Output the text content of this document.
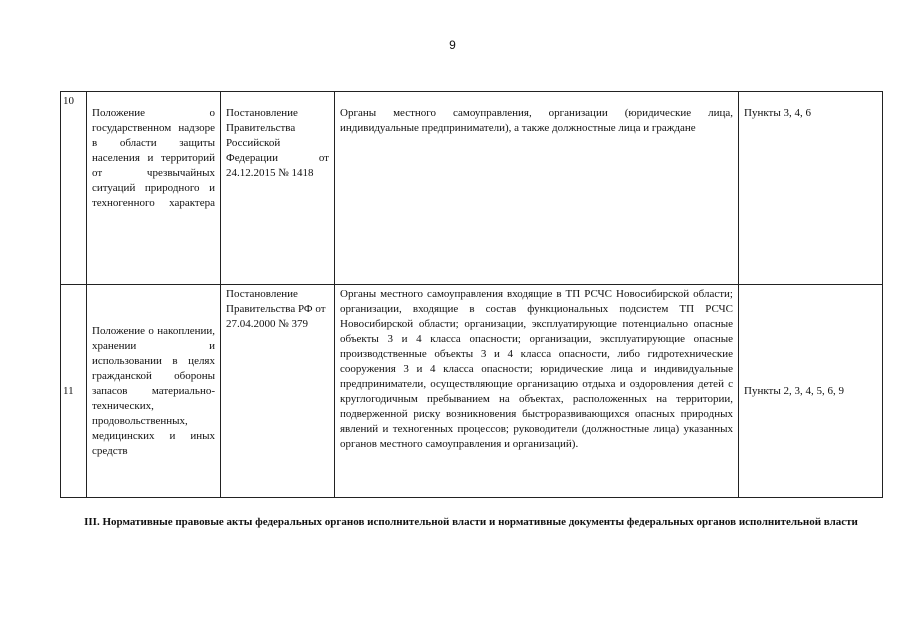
9
10	Положение о государственном надзоре в области защиты населения и территорий от чрезвычайных ситуаций природного и техногенного характера	Постановление Правительства Российской Федерации от 24.12.2015 № 1418	Органы местного самоуправления, организации (юридические лица, индивидуальные предприниматели), а также должностные лица и граждане	Пункты 3, 4, 6
11	Положение о накоплении, хранении и использовании в целях гражданской обороны запасов материально-технических, продовольственных, медицинских и иных средств	Постановление Правительства РФ от 27.04.2000 № 379	Органы местного самоуправления входящие в ТП РСЧС Новосибирской области; организации, входящие в состав функциональных подсистем ТП РСЧС Новосибирской области; организации, эксплуатирующие потенциально опасные объекты 3 и 4 класса опасности; организации, эксплуатирующие опасные производственные объекты 3 и 4 класса опасности, либо гидротехнические сооружения 3 и 4 класса опасности; юридические лица и индивидуальные предприниматели, осуществляющие организацию отдыха и оздоровления детей с круглогодичным пребыванием на объектах, расположенных на территории, подверженной риску возникновения быстроразвивающихся опасных природных явлений и техногенных процессов; руководители (должностные лица) указанных органов местного самоуправления и организаций).	Пункты 2, 3, 4, 5, 6, 9
III. Нормативные правовые акты федеральных органов исполнительной власти и нормативные документы федеральных органов исполнительной власти
